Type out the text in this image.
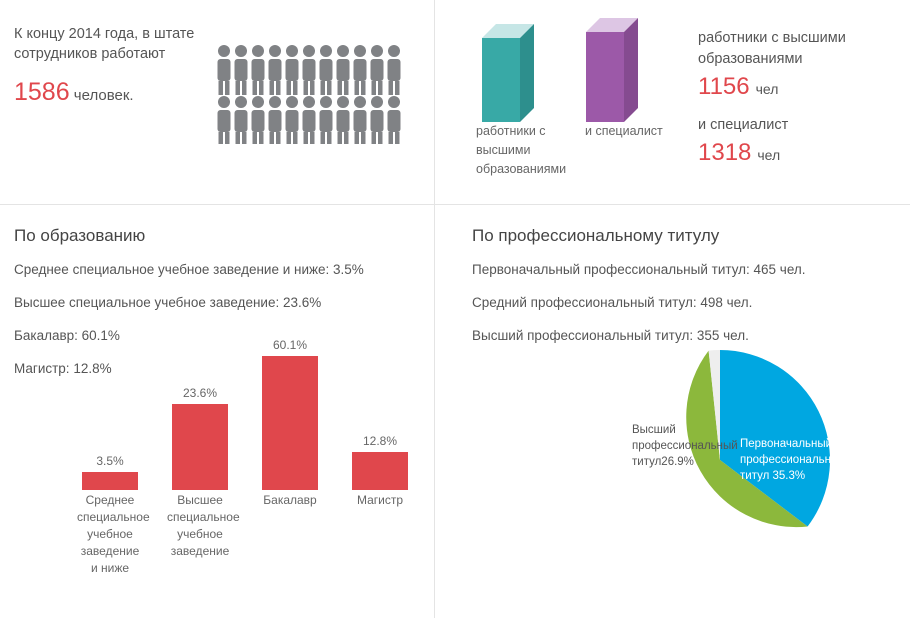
К концу 2014 года, в штате сотрудников работают
1586 человек.
работники с высшими образованиями
и специалист
работники с высшими образованиями
1156 чел
и специалист
1318 чел
По образованию
Среднее специальное учебное заведение и ниже: 3.5%
Высшее специальное учебное заведение: 23.6%
Бакалавр: 60.1%
Магистр: 12.8%
3.5%
Среднее специальное учебное заведение и ниже
23.6%
Высшее специальное учебное заведение
60.1%
Бакалавр
12.8%
Магистр
По профессиональному титулу
Первоначальный профессиональный титул: 465 чел.
Средний профессиональный титул: 498 чел.
Высший профессиональный титул: 355 чел.
Первоначальный профессиональный титул 35.3%
Средний профессиональный титул38%
Высший профессиональный титул26.9%
